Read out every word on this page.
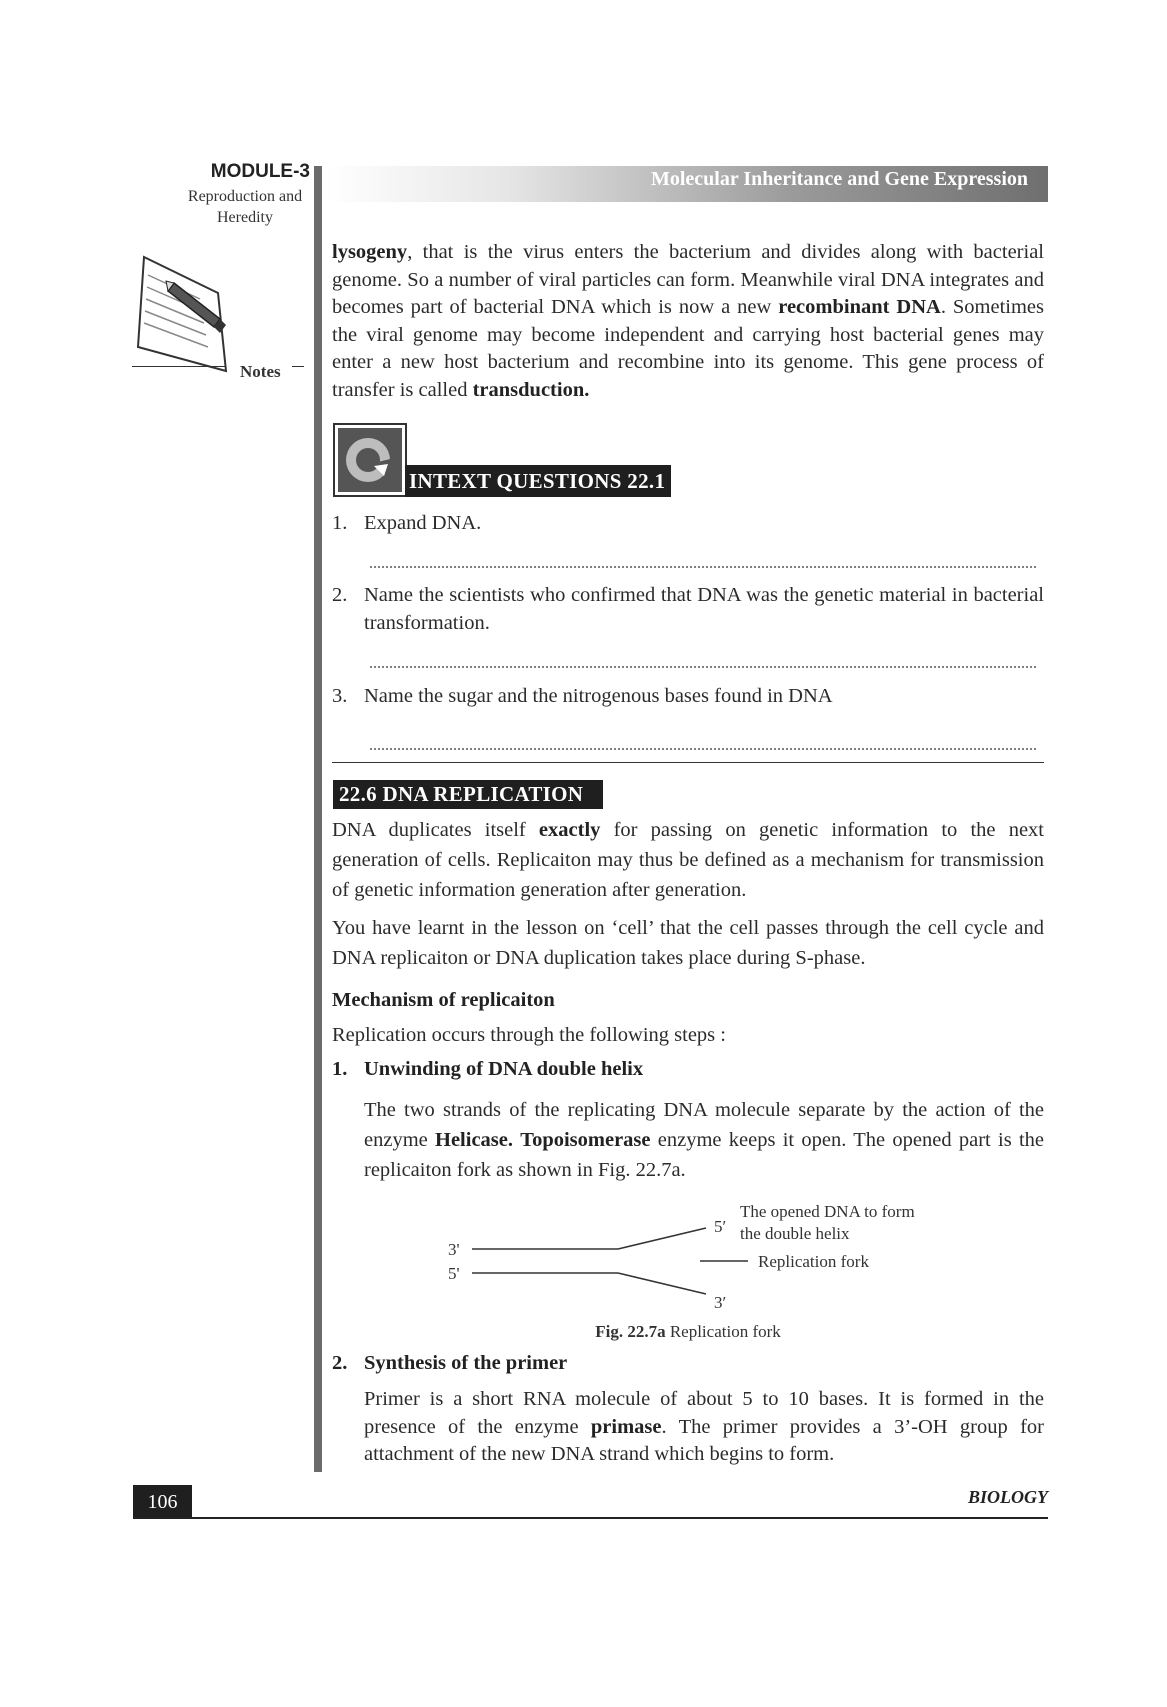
MODULE-3
Reproduction and
Heredity
Notes
Molecular Inheritance and Gene Expression

lysogeny, that is the virus enters the bacterium and divides along with bacterial genome. So a number of viral particles can form. Meanwhile viral DNA integrates and becomes part of bacterial DNA which is now a new recombinant DNA. Sometimes the viral genome may become independent and carrying host bacterial genes may enter a new host bacterium and recombine into its genome. This gene process of transfer is called transduction.

INTEXT QUESTIONS 22.1
1. Expand DNA.
2. Name the scientists who confirmed that DNA was the genetic material in bacterial transformation.
3. Name the sugar and the nitrogenous bases found in DNA
22.6 DNA REPLICATION

DNA duplicates itself exactly for passing on genetic information to the next generation of cells. Replicaiton may thus be defined as a mechanism for transmission of genetic information generation after generation.

You have learnt in the lesson on ‘cell’ that the cell passes through the cell cycle and DNA replicaiton or DNA duplication takes place during S-phase.

Mechanism of replicaiton
Replication occurs through the following steps :
1. Unwinding of DNA double helix

The two strands of the replicating DNA molecule separate by the action of the enzyme Helicase. Topoisomerase enzyme keeps it open. The opened part is the replicaiton fork as shown in Fig. 22.7a.

3'
5'
5′
3′
The opened DNA to form
the double helix
Replication fork
Fig. 22.7a Replication fork
2. Synthesis of the primer

Primer is a short RNA molecule of about 5 to 10 bases. It is formed in the presence of the enzyme primase. The primer provides a 3’-OH group for attachment of the new DNA strand which begins to form.

106	BIOLOGY
